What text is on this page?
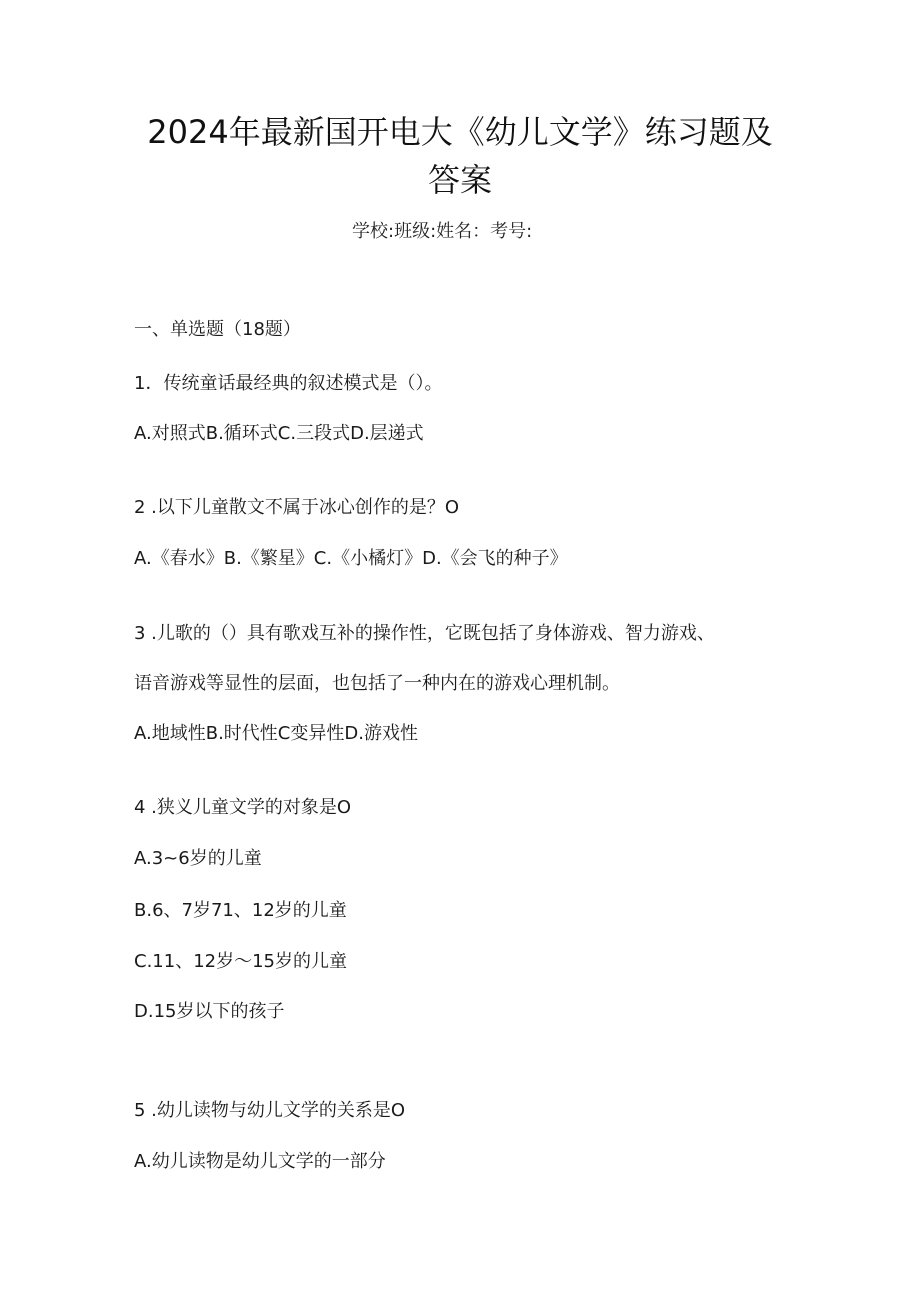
2024年最新国开电大《幼儿文学》练习题及
答案
学校:班级:姓名：考号:
一、单选题（18题）
1．传统童话最经典的叙述模式是（）。
A.对照式B.循环式C.三段式D.层递式
2 .以下儿童散文不属于冰心创作的是？O
A.《春水》B.《繁星》C.《小橘灯》D.《会飞的种子》
3 .儿歌的（）具有歌戏互补的操作性，它既包括了身体游戏、智力游戏、
语音游戏等显性的层面，也包括了一种内在的游戏心理机制。
A.地域性B.时代性C变异性D.游戏性
4 .狭义儿童文学的对象是O
A.3~6岁的儿童
B.6、7岁71、12岁的儿童
C.11、12岁～15岁的儿童
D.15岁以下的孩子
5 .幼儿读物与幼儿文学的关系是O
A.幼儿读物是幼儿文学的一部分
